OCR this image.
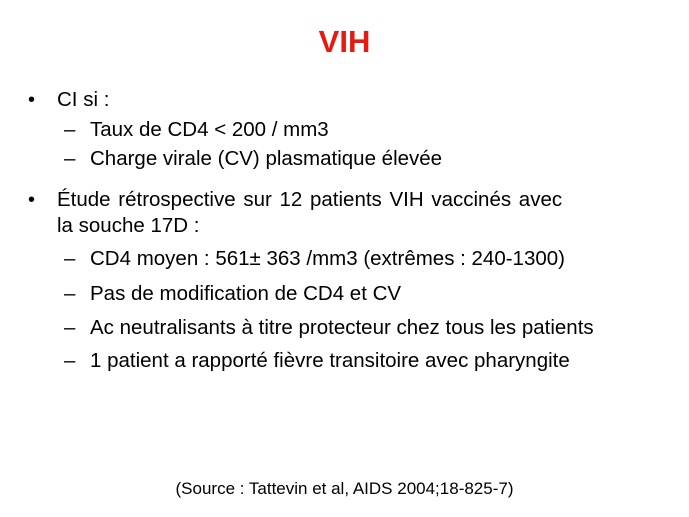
VIH
• CI si :
– Taux de CD4 < 200 / mm3
– Charge virale (CV) plasmatique élevée
• Étude rétrospective sur 12 patients VIH vaccinés avec
la souche 17D :
– CD4 moyen : 561± 363 /mm3 (extrêmes : 240-1300)
– Pas de modification de CD4 et CV
– Ac neutralisants à titre protecteur chez tous les patients
– 1 patient a rapporté fièvre transitoire avec pharyngite
(Source : Tattevin et al, AIDS 2004;18-825-7)
